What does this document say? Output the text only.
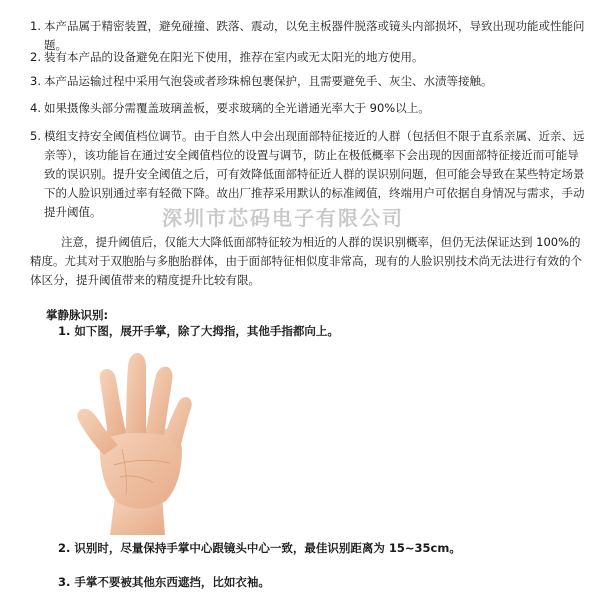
1. 本产品属于精密装置，避免碰撞、跌落、震动，以免主板器件脱落或镜头内部损坏，导致出现功能或性能问题。
2. 装有本产品的设备避免在阳光下使用，推荐在室内或无太阳光的地方使用。
3. 本产品运输过程中采用气泡袋或者珍珠棉包裹保护，且需要避免手、灰尘、水渍等接触。
4. 如果摄像头部分需覆盖玻璃盖板，要求玻璃的全光谱通光率大于 90%以上。
5. 模组支持安全阈值档位调节。由于自然人中会出现面部特征接近的人群（包括但不限于直系亲属、近亲、远亲等），该功能旨在通过安全阈值档位的设置与调节，防止在极低概率下会出现的因面部特征接近而可能导致的误识别。提升安全阈值之后，可有效降低面部特征近人群的误识别问题，但可能会导致在某些特定场景下的人脸识别通过率有轻微下降。故出厂推荐采用默认的标准阈值，终端用户可依据自身情况与需求，手动提升阈值。	深圳市芯码电子有限公司
注意，提升阈值后，仅能大大降低面部特征较为相近的人群的误识别概率，但仍无法保证达到 100%的精度。尤其对于双胞胎与多胞胎群体，由于面部特征相似度非常高，现有的人脸识别技术尚无法进行有效的个体区分，提升阈值带来的精度提升比较有限。
掌静脉识别:
1. 如下图，展开手掌，除了大拇指，其他手指都向上。
2. 识别时，尽量保持手掌中心跟镜头中心一致，最佳识别距离为 15~35cm。
3. 手掌不要被其他东西遮挡，比如衣袖。
